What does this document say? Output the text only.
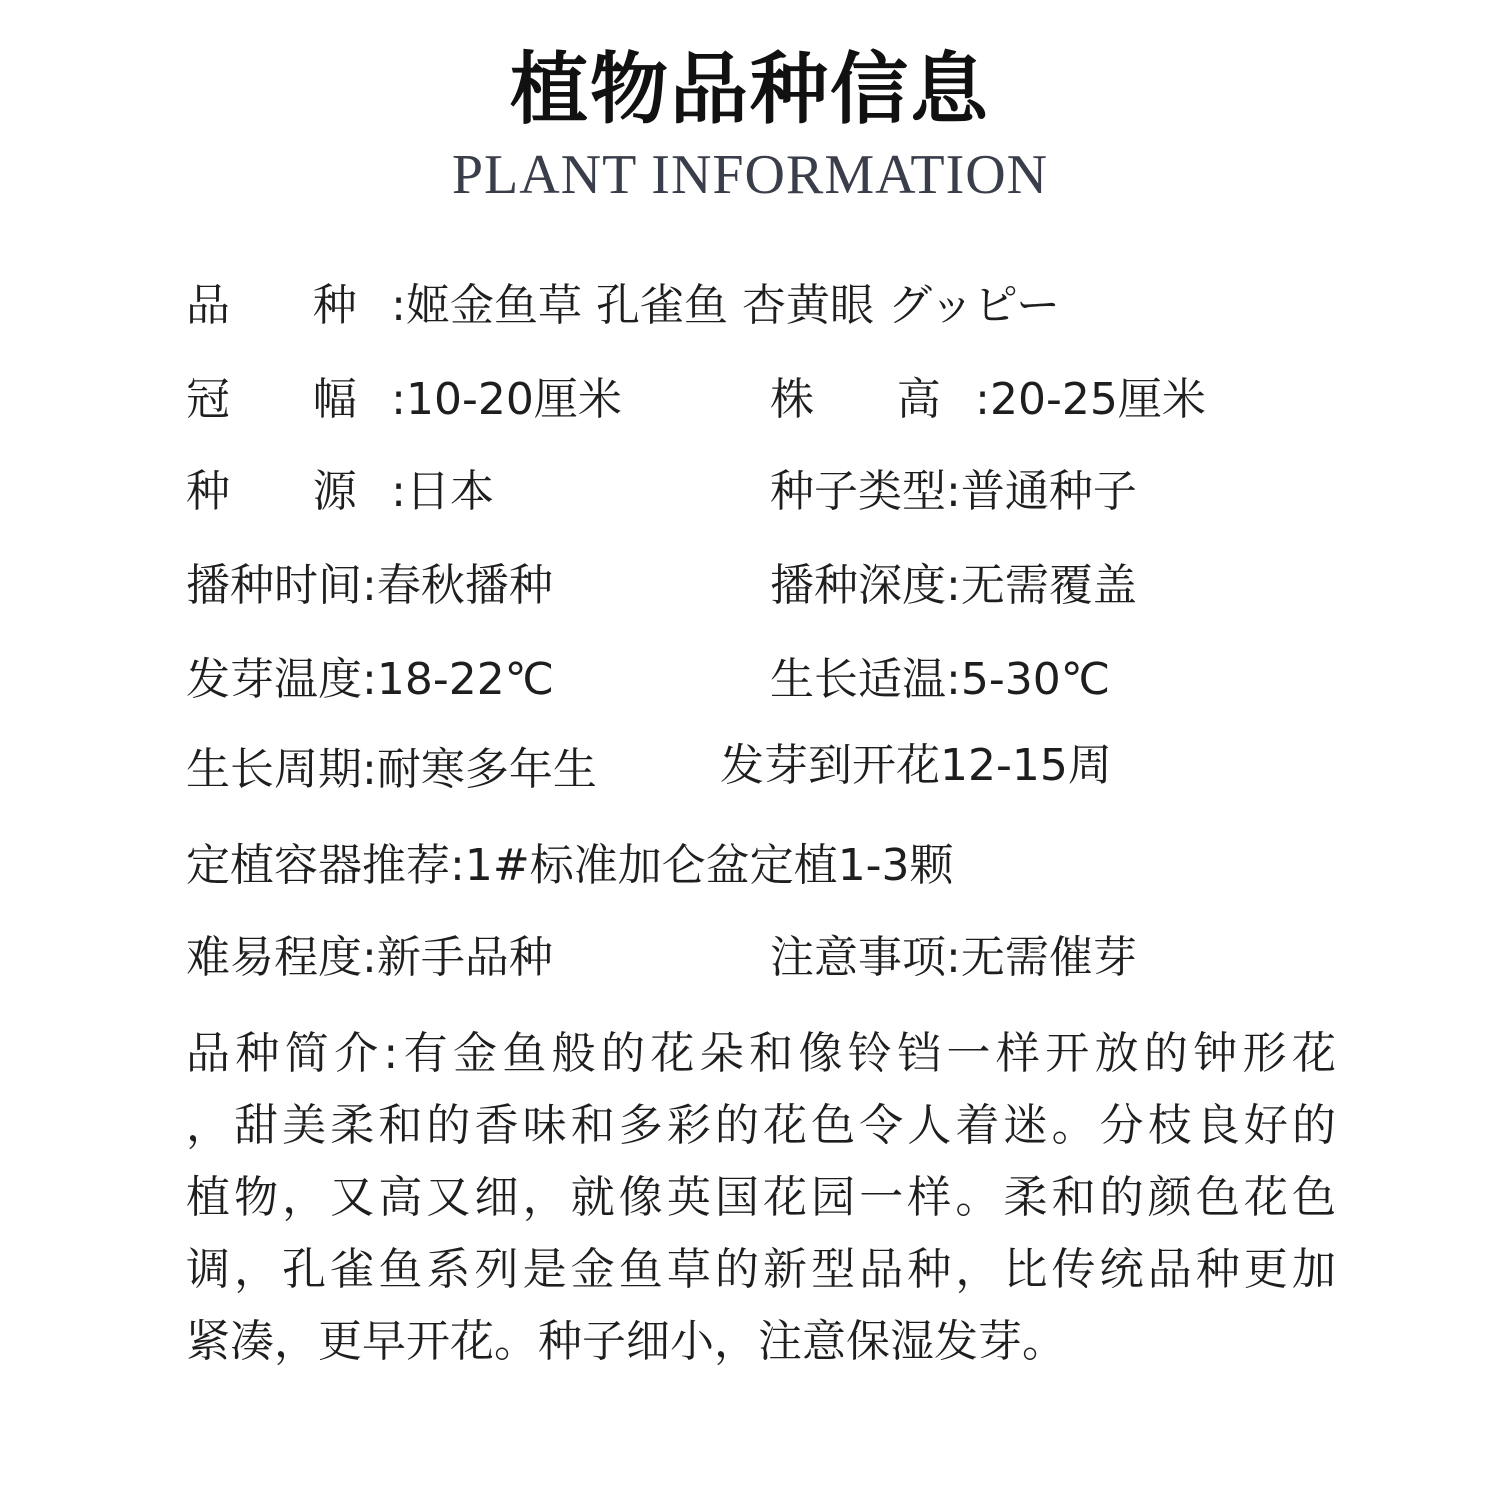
植物品种信息
PLANT INFORMATION
品 种:姬金鱼草 孔雀鱼 杏黄眼 グッピー
冠 幅:10-20厘米	株 高:20-25厘米
种 源:日本	种子类型:普通种子
播种时间:春秋播种	播种深度:无需覆盖
发芽温度:18-22℃	生长适温:5-30℃
生长周期:耐寒多年生	发芽到开花12-15周
定植容器推荐:1#标准加仑盆定植1-3颗
难易程度:新手品种	注意事项:无需催芽
品种简介:有金鱼般的花朵和像铃铛一样开放的钟形花
，甜美柔和的香味和多彩的花色令人着迷。分枝良好的
植物，又高又细，就像英国花园一样。柔和的颜色花色
调，孔雀鱼系列是金鱼草的新型品种，比传统品种更加
紧凑，更早开花。种子细小，注意保湿发芽。
